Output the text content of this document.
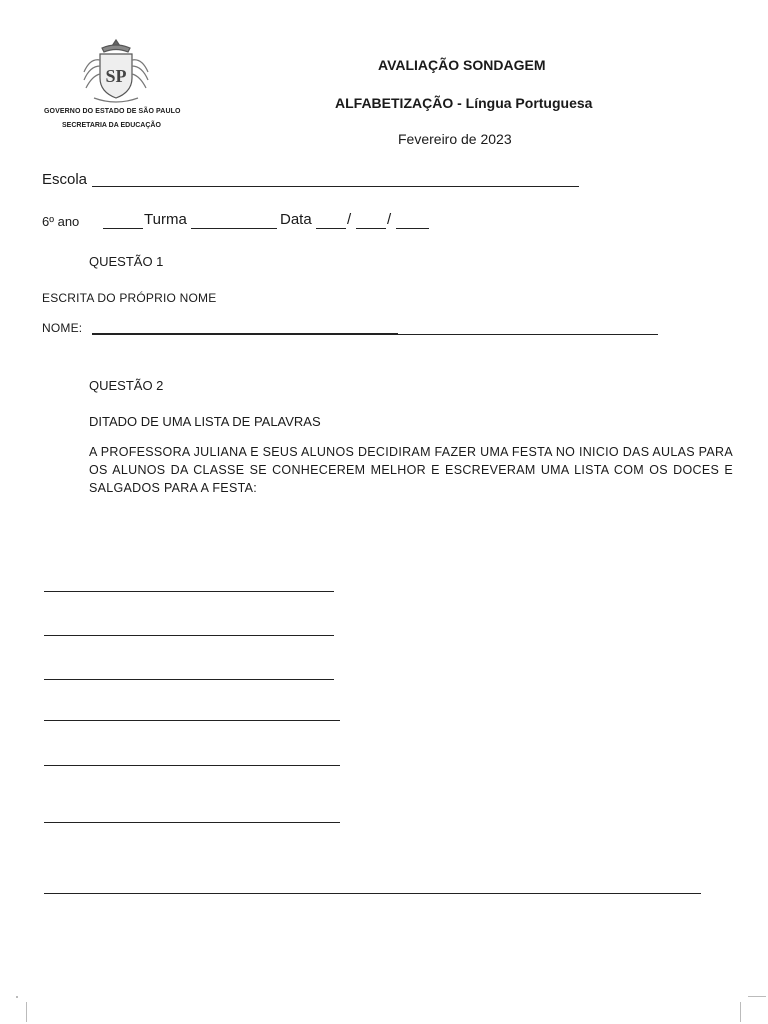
SP
GOVERNO DO ESTADO DE SÃO PAULO
SECRETARIA DA EDUCAÇÃO
AVALIAÇÃO SONDAGEM
ALFABETIZAÇÃO - Língua Portuguesa
Fevereiro de 2023
Escola
6º ano	Turma	Data / /
QUESTÃO 1
ESCRITA DO PRÓPRIO NOME
NOME:
QUESTÃO 2
DITADO DE UMA LISTA DE PALAVRAS
A PROFESSORA JULIANA E SEUS ALUNOS DECIDIRAM FAZER UMA FESTA NO INICIO DAS AULAS PARA OS ALUNOS DA CLASSE SE CONHECEREM MELHOR E ESCREVERAM UMA LISTA COM OS DOCES E SALGADOS PARA A FESTA:
